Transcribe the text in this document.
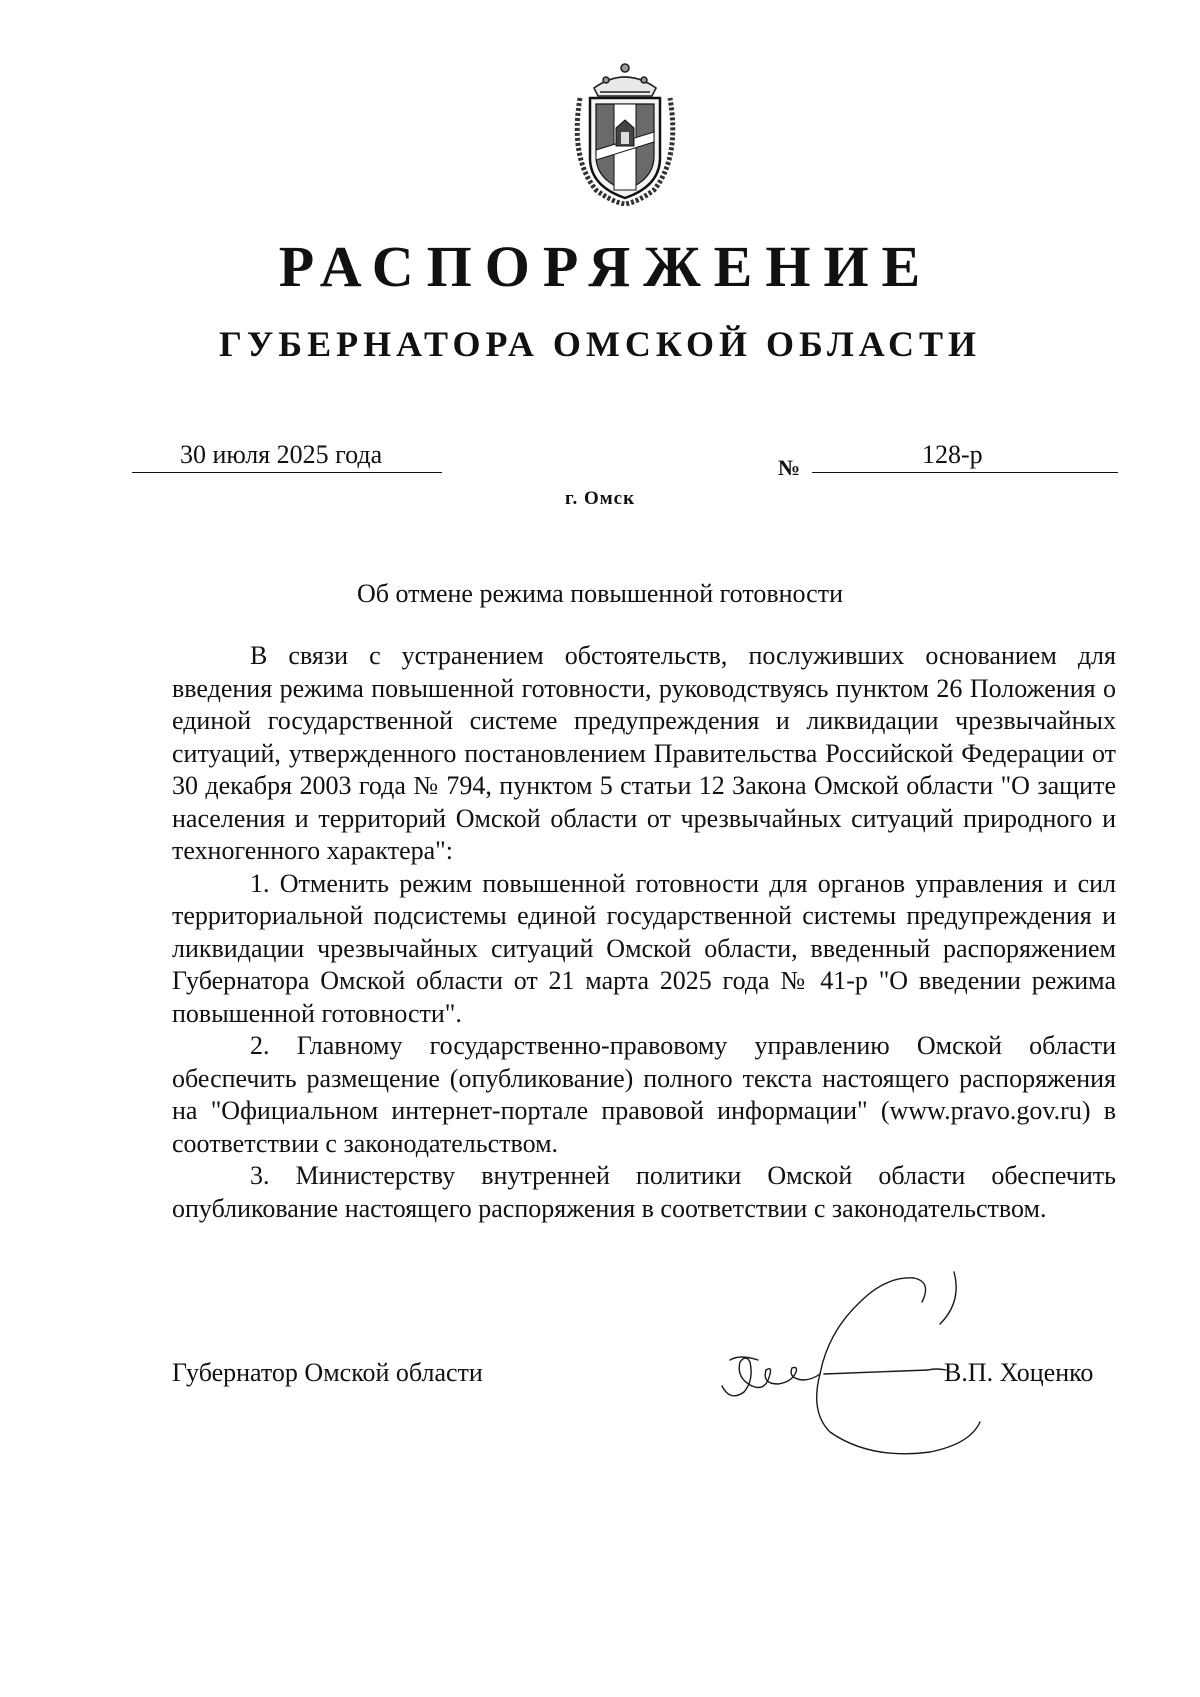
РАСПОРЯЖЕНИЕ
ГУБЕРНАТОРА ОМСКОЙ ОБЛАСТИ
30 июля 2025 года	№	128-р
г. Омск
Об отмене режима повышенной готовности

В связи с устранением обстоятельств, послуживших основанием для введения режима повышенной готовности, руководствуясь пунктом 26 Положения о единой государственной системе предупреждения и ликвидации чрезвычайных ситуаций, утвержденного постановлением Правительства Российской Федерации от 30 декабря 2003 года № 794, пунктом 5 статьи 12 Закона Омской области "О защите населения и территорий Омской области от чрезвычайных ситуаций природного и техногенного характера":

1. Отменить режим повышенной готовности для органов управления и сил территориальной подсистемы единой государственной системы предупреждения и ликвидации чрезвычайных ситуаций Омской области, введенный распоряжением Губернатора Омской области от 21 марта 2025 года № 41-р "О введении режима повышенной готовности".

2. Главному государственно-правовому управлению Омской области обеспечить размещение (опубликование) полного текста настоящего распоряжения на "Официальном интернет-портале правовой информации" (www.pravo.gov.ru) в соответствии с законодательством.

3. Министерству внутренней политики Омской области обеспечить опубликование настоящего распоряжения в соответствии с законодательством.

Губернатор Омской области	В.П. Хоценко
